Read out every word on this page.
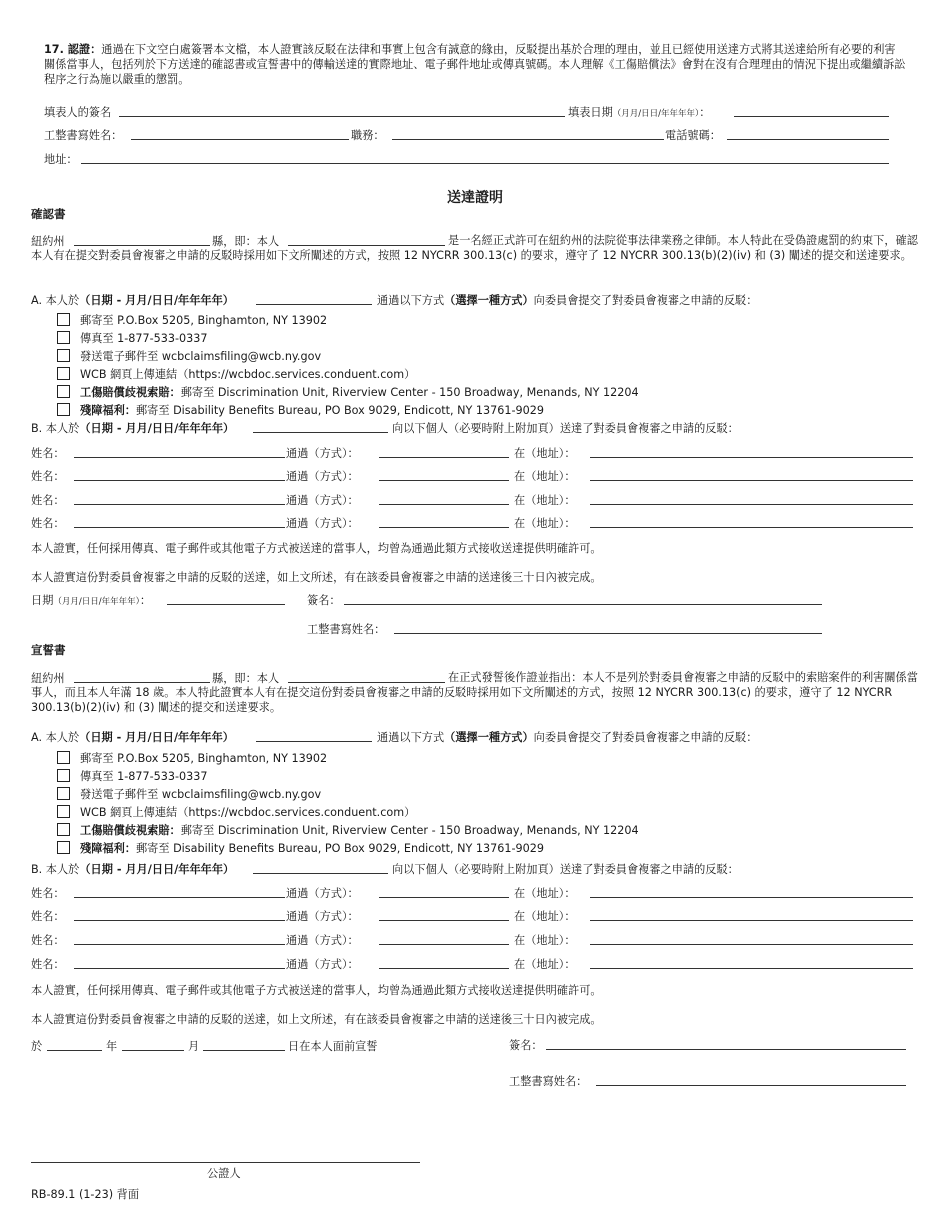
17. 認證：通過在下文空白處簽署本文檔，本人證實該反駁在法律和事實上包含有誠意的緣由，反駁提出基於合理的理由，並且已經使用送達方式將其送達給所有必要的利害關係當事人，包括列於下方送達的確認書或宣誓書中的傳輸送達的實際地址、電子郵件地址或傳真號碼。本人理解《工傷賠償法》會對在沒有合理理由的情況下提出或繼續訴訟程序之行為施以嚴重的懲罰。
填表人的簽名	填表日期（月月/日日/年年年年）：
工整書寫姓名：	職務：	電話號碼：
地址：
送達證明
確認書
紐約州	縣，即：本人	是一名經正式許可在紐約州的法院從事法律業務之律師。本人特此在受偽證處罰的約束下，確認本人有在提交對委員會複審之申請的反駁時採用如下文所闡述的方式，按照 12 NYCRR 300.13(c) 的要求，遵守了 12 NYCRR 300.13(b)(2)(iv) 和 (3) 闡述的提交和送達要求。
A. 本人於（日期 - 月月/日日/年年年年）	通過以下方式（選擇一種方式）向委員會提交了對委員會複審之申請的反駁：
郵寄至 P.O.Box 5205, Binghamton, NY 13902
傳真至 1-877-533-0337
發送電子郵件至 wcbclaimsfiling@wcb.ny.gov
WCB 網頁上傳連結（https://wcbdoc.services.conduent.com）
工傷賠償歧視索賠：郵寄至 Discrimination Unit, Riverview Center - 150 Broadway, Menands, NY 12204
殘障福利：郵寄至 Disability Benefits Bureau, PO Box 9029, Endicott, NY 13761-9029
B. 本人於（日期 - 月月/日日/年年年年）	向以下個人（必要時附上附加頁）送達了對委員會複審之申請的反駁：
姓名：	通過（方式）：	在（地址）：
姓名：	通過（方式）：	在（地址）：
姓名：	通過（方式）：	在（地址）：
姓名：	通過（方式）：	在（地址）：
本人證實，任何採用傳真、電子郵件或其他電子方式被送達的當事人，均曾為通過此類方式接收送達提供明確許可。
本人證實這份對委員會複審之申請的反駁的送達，如上文所述，有在該委員會複審之申請的送達後三十日內被完成。
日期（月月/日日/年年年年）：	簽名：
工整書寫姓名：
宣誓書
紐約州	縣，即：本人	在正式發誓後作證並指出：本人不是列於對委員會複審之申請的反駁中的索賠案件的利害關係當事人，而且本人年滿 18 歲。本人特此證實本人有在提交這份對委員會複審之申請的反駁時採用如下文所闡述的方式，按照 12 NYCRR 300.13(c) 的要求，遵守了 12 NYCRR 300.13(b)(2)(iv) 和 (3) 闡述的提交和送達要求。
A. 本人於（日期 - 月月/日日/年年年年）	通過以下方式（選擇一種方式）向委員會提交了對委員會複審之申請的反駁：
郵寄至 P.O.Box 5205, Binghamton, NY 13902
傳真至 1-877-533-0337
發送電子郵件至 wcbclaimsfiling@wcb.ny.gov
WCB 網頁上傳連結（https://wcbdoc.services.conduent.com）
工傷賠償歧視索賠：郵寄至 Discrimination Unit, Riverview Center - 150 Broadway, Menands, NY 12204
殘障福利：郵寄至 Disability Benefits Bureau, PO Box 9029, Endicott, NY 13761-9029
B. 本人於（日期 - 月月/日日/年年年年）	向以下個人（必要時附上附加頁）送達了對委員會複審之申請的反駁：
姓名：	通過（方式）：	在（地址）：
姓名：	通過（方式）：	在（地址）：
姓名：	通過（方式）：	在（地址）：
姓名：	通過（方式）：	在（地址）：
本人證實，任何採用傳真、電子郵件或其他電子方式被送達的當事人，均曾為通過此類方式接收送達提供明確許可。
本人證實這份對委員會複審之申請的反駁的送達，如上文所述，有在該委員會複審之申請的送達後三十日內被完成。
於	年	月	日在本人面前宣誓	簽名：
工整書寫姓名：
公證人
RB-89.1 (1-23) 背面
